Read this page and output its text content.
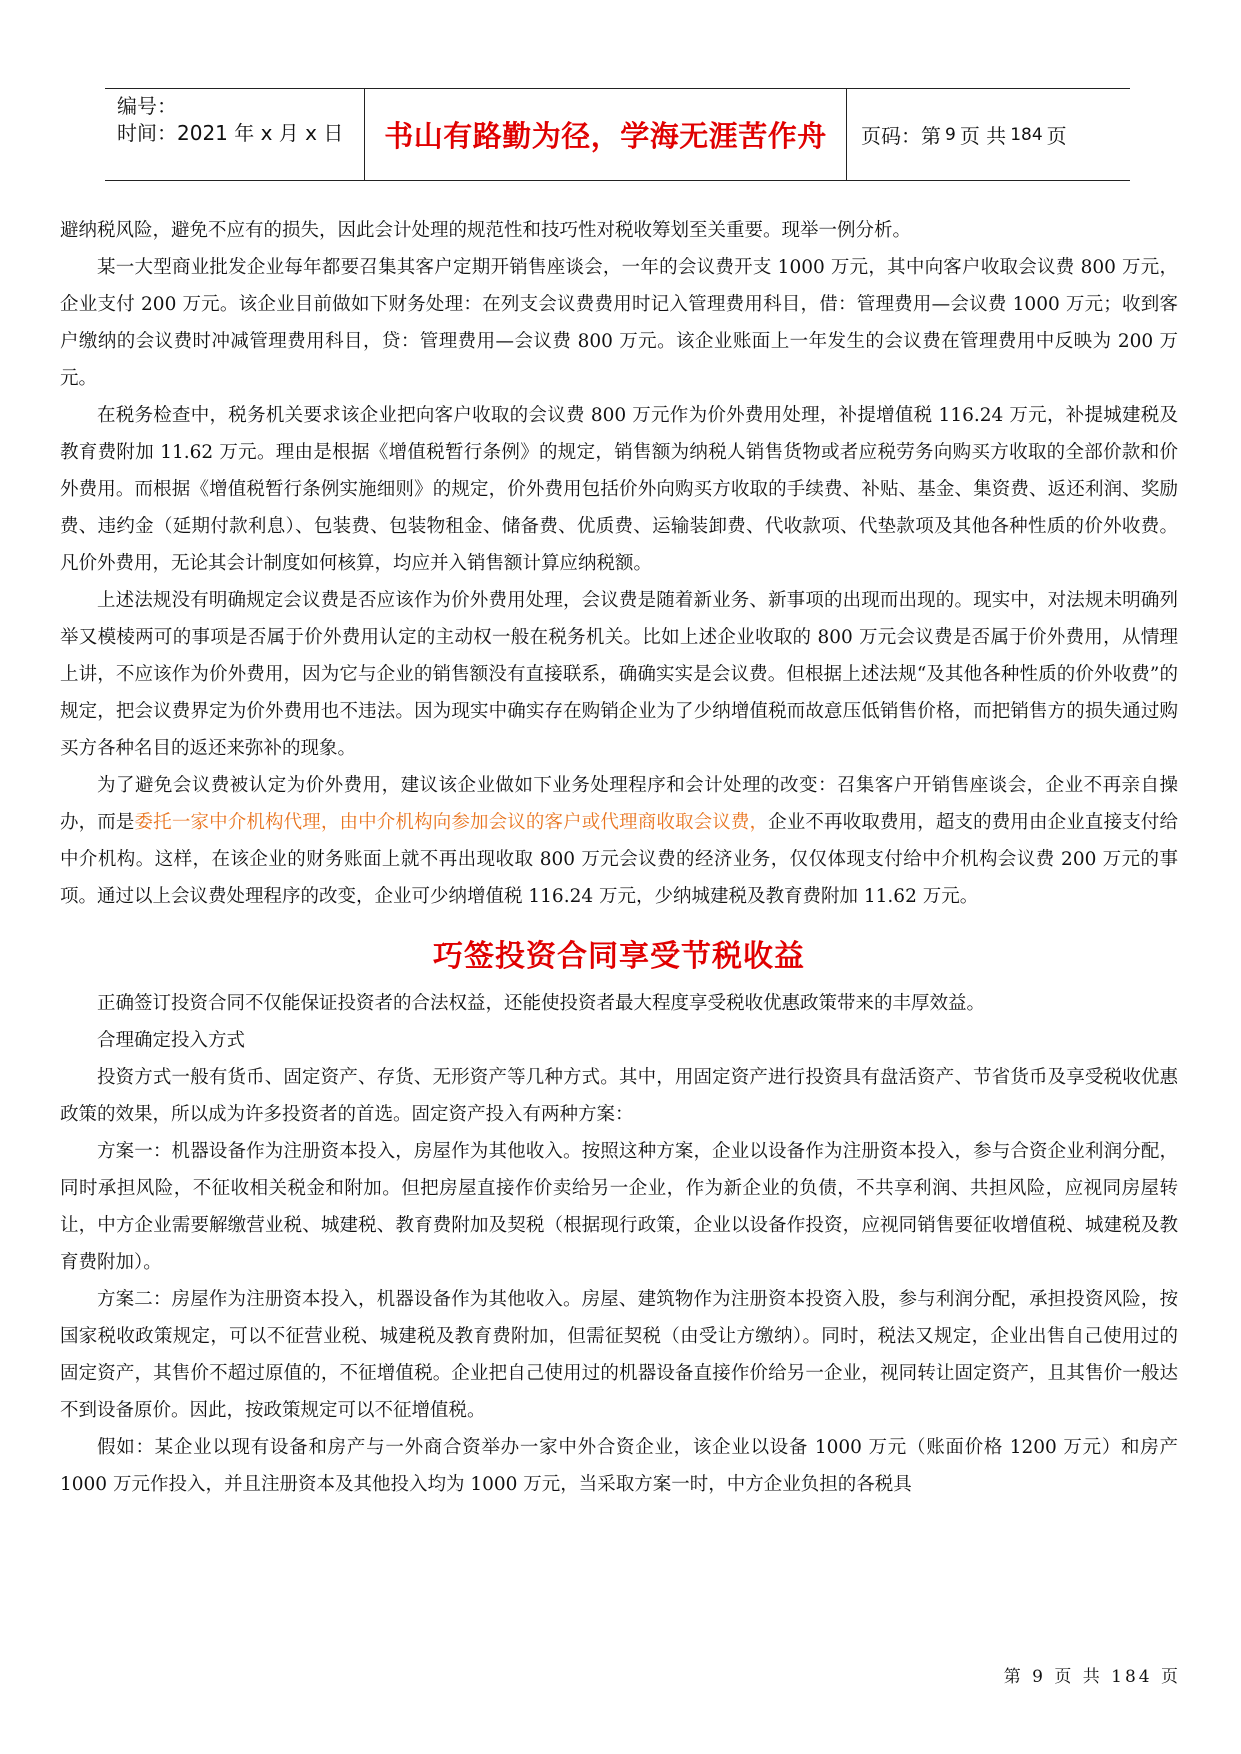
编号：
时间：2021 年 x 月 x 日	书山有路勤为径，学海无涯苦作舟 页码：第 9 页 共 184 页

避纳税风险，避免不应有的损失，因此会计处理的规范性和技巧性对税收筹划至关重要。现举一例分析。

某一大型商业批发企业每年都要召集其客户定期开销售座谈会，一年的会议费开支 1000 万元，其中向客户收取会议费 800 万元，企业支付 200 万元。该企业目前做如下财务处理：在列支会议费费用时记入管理费用科目，借：管理费用—会议费 1000 万元；收到客户缴纳的会议费时冲减管理费用科目，贷：管理费用—会议费 800 万元。该企业账面上一年发生的会议费在管理费用中反映为 200 万元。

在税务检查中，税务机关要求该企业把向客户收取的会议费 800 万元作为价外费用处理，补提增值税 116.24 万元，补提城建税及教育费附加 11.62 万元。理由是根据《增值税暂行条例》的规定，销售额为纳税人销售货物或者应税劳务向购买方收取的全部价款和价外费用。而根据《增值税暂行条例实施细则》的规定，价外费用包括价外向购买方收取的手续费、补贴、基金、集资费、返还利润、奖励费、违约金（延期付款利息）、包装费、包装物租金、储备费、优质费、运输装卸费、代收款项、代垫款项及其他各种性质的价外收费。凡价外费用，无论其会计制度如何核算，均应并入销售额计算应纳税额。

上述法规没有明确规定会议费是否应该作为价外费用处理，会议费是随着新业务、新事项的出现而出现的。现实中，对法规未明确列举又模棱两可的事项是否属于价外费用认定的主动权一般在税务机关。比如上述企业收取的 800 万元会议费是否属于价外费用，从情理上讲，不应该作为价外费用，因为它与企业的销售额没有直接联系，确确实实是会议费。但根据上述法规“及其他各种性质的价外收费”的规定，把会议费界定为价外费用也不违法。因为现实中确实存在购销企业为了少纳增值税而故意压低销售价格，而把销售方的损失通过购买方各种名目的返还来弥补的现象。

为了避免会议费被认定为价外费用，建议该企业做如下业务处理程序和会计处理的改变：召集客户开销售座谈会，企业不再亲自操办，而是委托一家中介机构代理，由中介机构向参加会议的客户或代理商收取会议费，企业不再收取费用，超支的费用由企业直接支付给中介机构。这样，在该企业的财务账面上就不再出现收取 800 万元会议费的经济业务，仅仅体现支付给中介机构会议费 200 万元的事项。通过以上会议费处理程序的改变，企业可少纳增值税 116.24 万元，少纳城建税及教育费附加 11.62 万元。

巧签投资合同享受节税收益

正确签订投资合同不仅能保证投资者的合法权益，还能使投资者最大程度享受税收优惠政策带来的丰厚效益。

合理确定投入方式

投资方式一般有货币、固定资产、存货、无形资产等几种方式。其中，用固定资产进行投资具有盘活资产、节省货币及享受税收优惠政策的效果，所以成为许多投资者的首选。固定资产投入有两种方案：

方案一：机器设备作为注册资本投入，房屋作为其他收入。按照这种方案，企业以设备作为注册资本投入，参与合资企业利润分配，同时承担风险，不征收相关税金和附加。但把房屋直接作价卖给另一企业，作为新企业的负债，不共享利润、共担风险，应视同房屋转让，中方企业需要解缴营业税、城建税、教育费附加及契税（根据现行政策，企业以设备作投资，应视同销售要征收增值税、城建税及教育费附加）。

方案二：房屋作为注册资本投入，机器设备作为其他收入。房屋、建筑物作为注册资本投资入股，参与利润分配，承担投资风险，按国家税收政策规定，可以不征营业税、城建税及教育费附加，但需征契税（由受让方缴纳）。同时，税法又规定，企业出售自己使用过的固定资产，其售价不超过原值的，不征增值税。企业把自己使用过的机器设备直接作价给另一企业，视同转让固定资产，且其售价一般达不到设备原价。因此，按政策规定可以不征增值税。

假如：某企业以现有设备和房产与一外商合资举办一家中外合资企业，该企业以设备 1000 万元（账面价格 1200 万元）和房产 1000 万元作投入，并且注册资本及其他投入均为 1000 万元，当采取方案一时，中方企业负担的各税具

第 9 页 共 184 页
